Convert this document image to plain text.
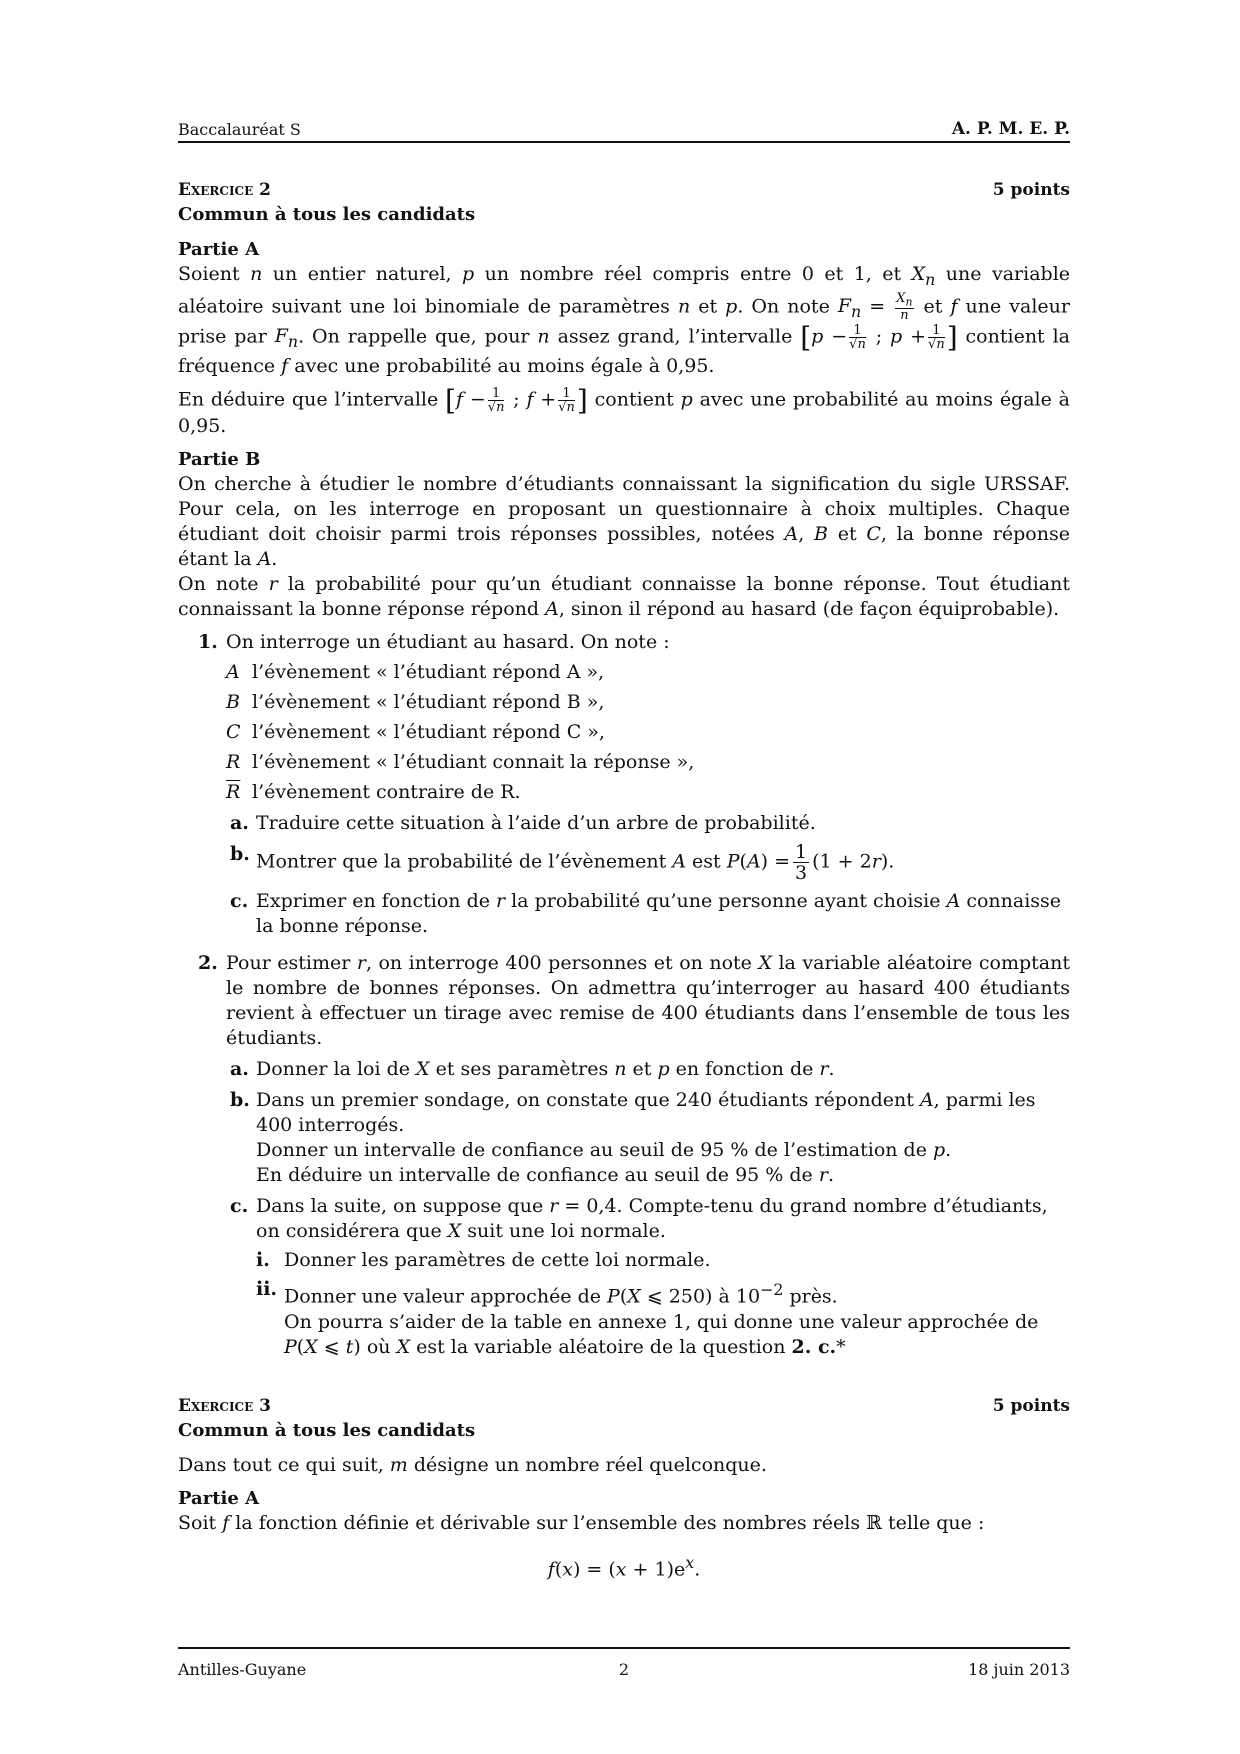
Baccalauréat S	A. P. M. E. P.
Exercice 2	5 points
Commun à tous les candidats
Partie A

Soient n un entier naturel, p un nombre réel compris entre 0 et 1, et $X_n$ une variable aléatoire suivant une loi binomiale de paramètres n et p. On note $F_n = \frac{X_n}{n}$ et f une valeur prise par $F_n$. On rappelle que, pour n assez grand, l’intervalle [$p - \frac{1}{√n}$ ; $p + \frac{1}{√n}$ ] contient la fréquence f avec une probabilité au moins égale à 0,95.

En déduire que l’intervalle [$f - \frac{1}{√n}$ ; $f + \frac{1}{√n}$ ] contient p avec une probabilité au moins égale à 0,95.

Partie B

On cherche à étudier le nombre d’étudiants connaissant la signification du sigle URSSAF. Pour cela, on les interroge en proposant un questionnaire à choix multiples. Chaque étudiant doit choisir parmi trois réponses possibles, notées A, B et C, la bonne réponse étant la A.

On note r la probabilité pour qu’un étudiant connaisse la bonne réponse. Tout étudiant connaissant la bonne réponse répond A, sinon il répond au hasard (de façon équiprobable).

1. On interroge un étudiant au hasard. On note :
A l’évènement « l’étudiant répond A »,
B l’évènement « l’étudiant répond B »,
C l’évènement « l’étudiant répond C »,
R l’évènement « l’étudiant connait la réponse »,
$\overline{R}$ l’évènement contraire de R.
a. Traduire cette situation à l’aide d’un arbre de probabilité.
b. Montrer que la probabilité de l’évènement A est $P(A) = \frac{1}{3} (1 + 2r)$.
c. Exprimer en fonction de r la probabilité qu’une personne ayant choisie A connaisse la bonne réponse.
2. Pour estimer r, on interroge 400 personnes et on note X la variable aléatoire comptant le nombre de bonnes réponses. On admettra qu’interroger au hasard 400 étudiants revient à effectuer un tirage avec remise de 400 étudiants dans l’ensemble de tous les étudiants.
a. Donner la loi de X et ses paramètres n et p en fonction de r.
b. Dans un premier sondage, on constate que 240 étudiants répondent A, parmi les 400 interrogés.
Donner un intervalle de confiance au seuil de 95 % de l’estimation de p.
En déduire un intervalle de confiance au seuil de 95 % de r.
c. Dans la suite, on suppose que r = 0,4. Compte-tenu du grand nombre d’étudiants, on considérera que X suit une loi normale.
i. Donner les paramètres de cette loi normale.
ii. Donner une valeur approchée de P(X ⩽ 250) à $10^{-2}$ près.
On pourra s’aider de la table en annexe 1, qui donne une valeur approchée de P(X ⩽ t) où X est la variable aléatoire de la question 2. c.*
Exercice 3	5 points
Commun à tous les candidats

Dans tout ce qui suit, m désigne un nombre réel quelconque.

Partie A

Soit f la fonction définie et dérivable sur l’ensemble des nombres réels ℝ telle que :

$f(x) = (x + 1)e^x$.
Antilles-Guyane	2	18 juin 2013
